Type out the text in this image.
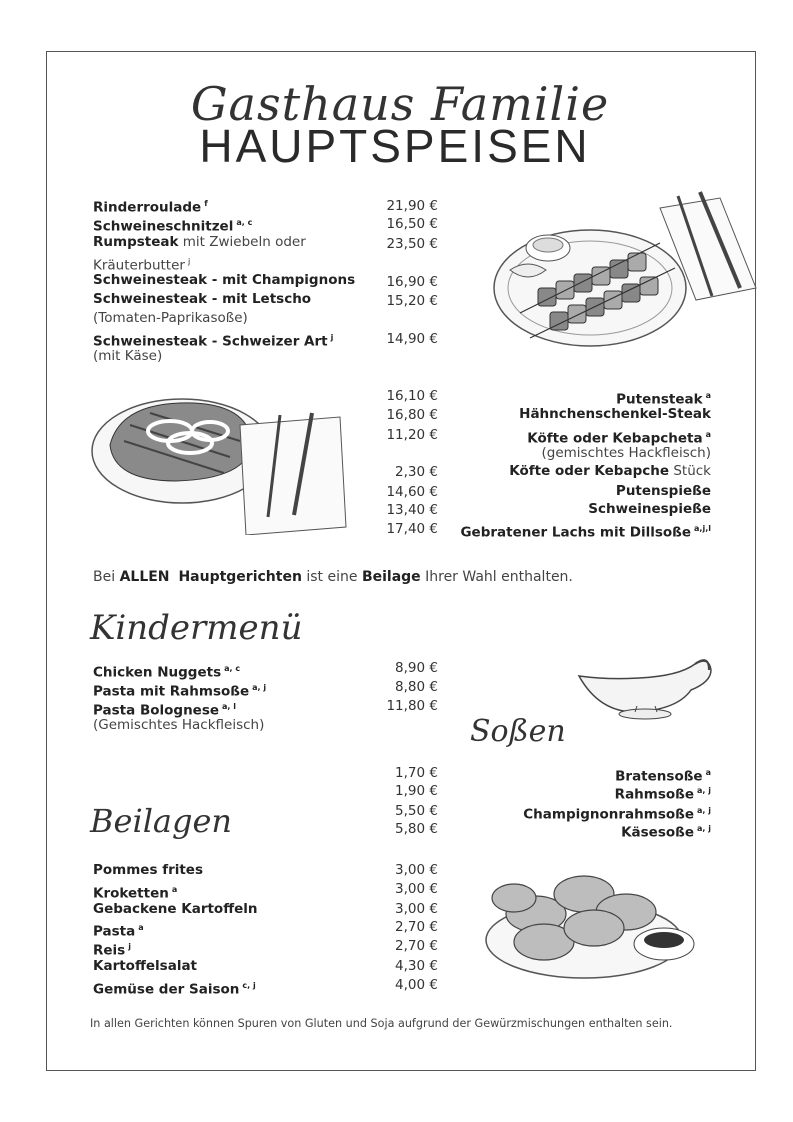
Gasthaus Familie
HAUPTSPEISEN
Rinderroulade $^f$	21,90 €
Schweineschnitzel $^{a, c}$	16,50 €
Rumpsteak mit Zwiebeln oder
Kräuterbutter $^j$
23,50 €
Schweinesteak - mit Champignons	16,90 €
Schweinesteak - mit Letscho
(Tomaten-Paprikasoße)
15,20 €
Schweinesteak - Schweizer Art $^j$
(mit Käse)
14,90 €
16,10 €	Putensteak $^a$
16,80 €	Hähnchenschenkel-Steak
11,20 €	Köfte oder Kebapcheta $^a$
(gemischtes Hackfleisch)
2,30 €	Köfte oder Kebapche Stück
14,60 €	Putenspieße
13,40 €	Schweinespieße
17,40 €	Gebratener Lachs mit Dillsoße $^{a,j,l}$
Bei ALLEN Hauptgerichten ist eine Beilage Ihrer Wahl enthalten.
Kindermenü
Chicken Nuggets $^{a, c}$	8,90 €
Pasta mit Rahmsoße $^{a, j}$	8,80 €
Pasta Bolognese $^{a, l}$
(Gemischtes Hackfleisch)
11,80 €
Soßen
1,70 €	Bratensoße $^a$
1,90 €	Rahmsoße $^{a, j}$
5,50 €	Champignonrahmsoße $^{a, j}$
5,80 €	Käsesoße $^{a, j}$
Beilagen
Pommes frites	3,00 €
Kroketten $^a$	3,00 €
Gebackene Kartoffeln	3,00 €
Pasta $^a$	2,70 €
Reis $^j$	2,70 €
Kartoffelsalat	4,30 €
Gemüse der Saison $^{c, j}$	4,00 €
In allen Gerichten können Spuren von Gluten und Soja aufgrund der Gewürzmischungen enthalten sein.
